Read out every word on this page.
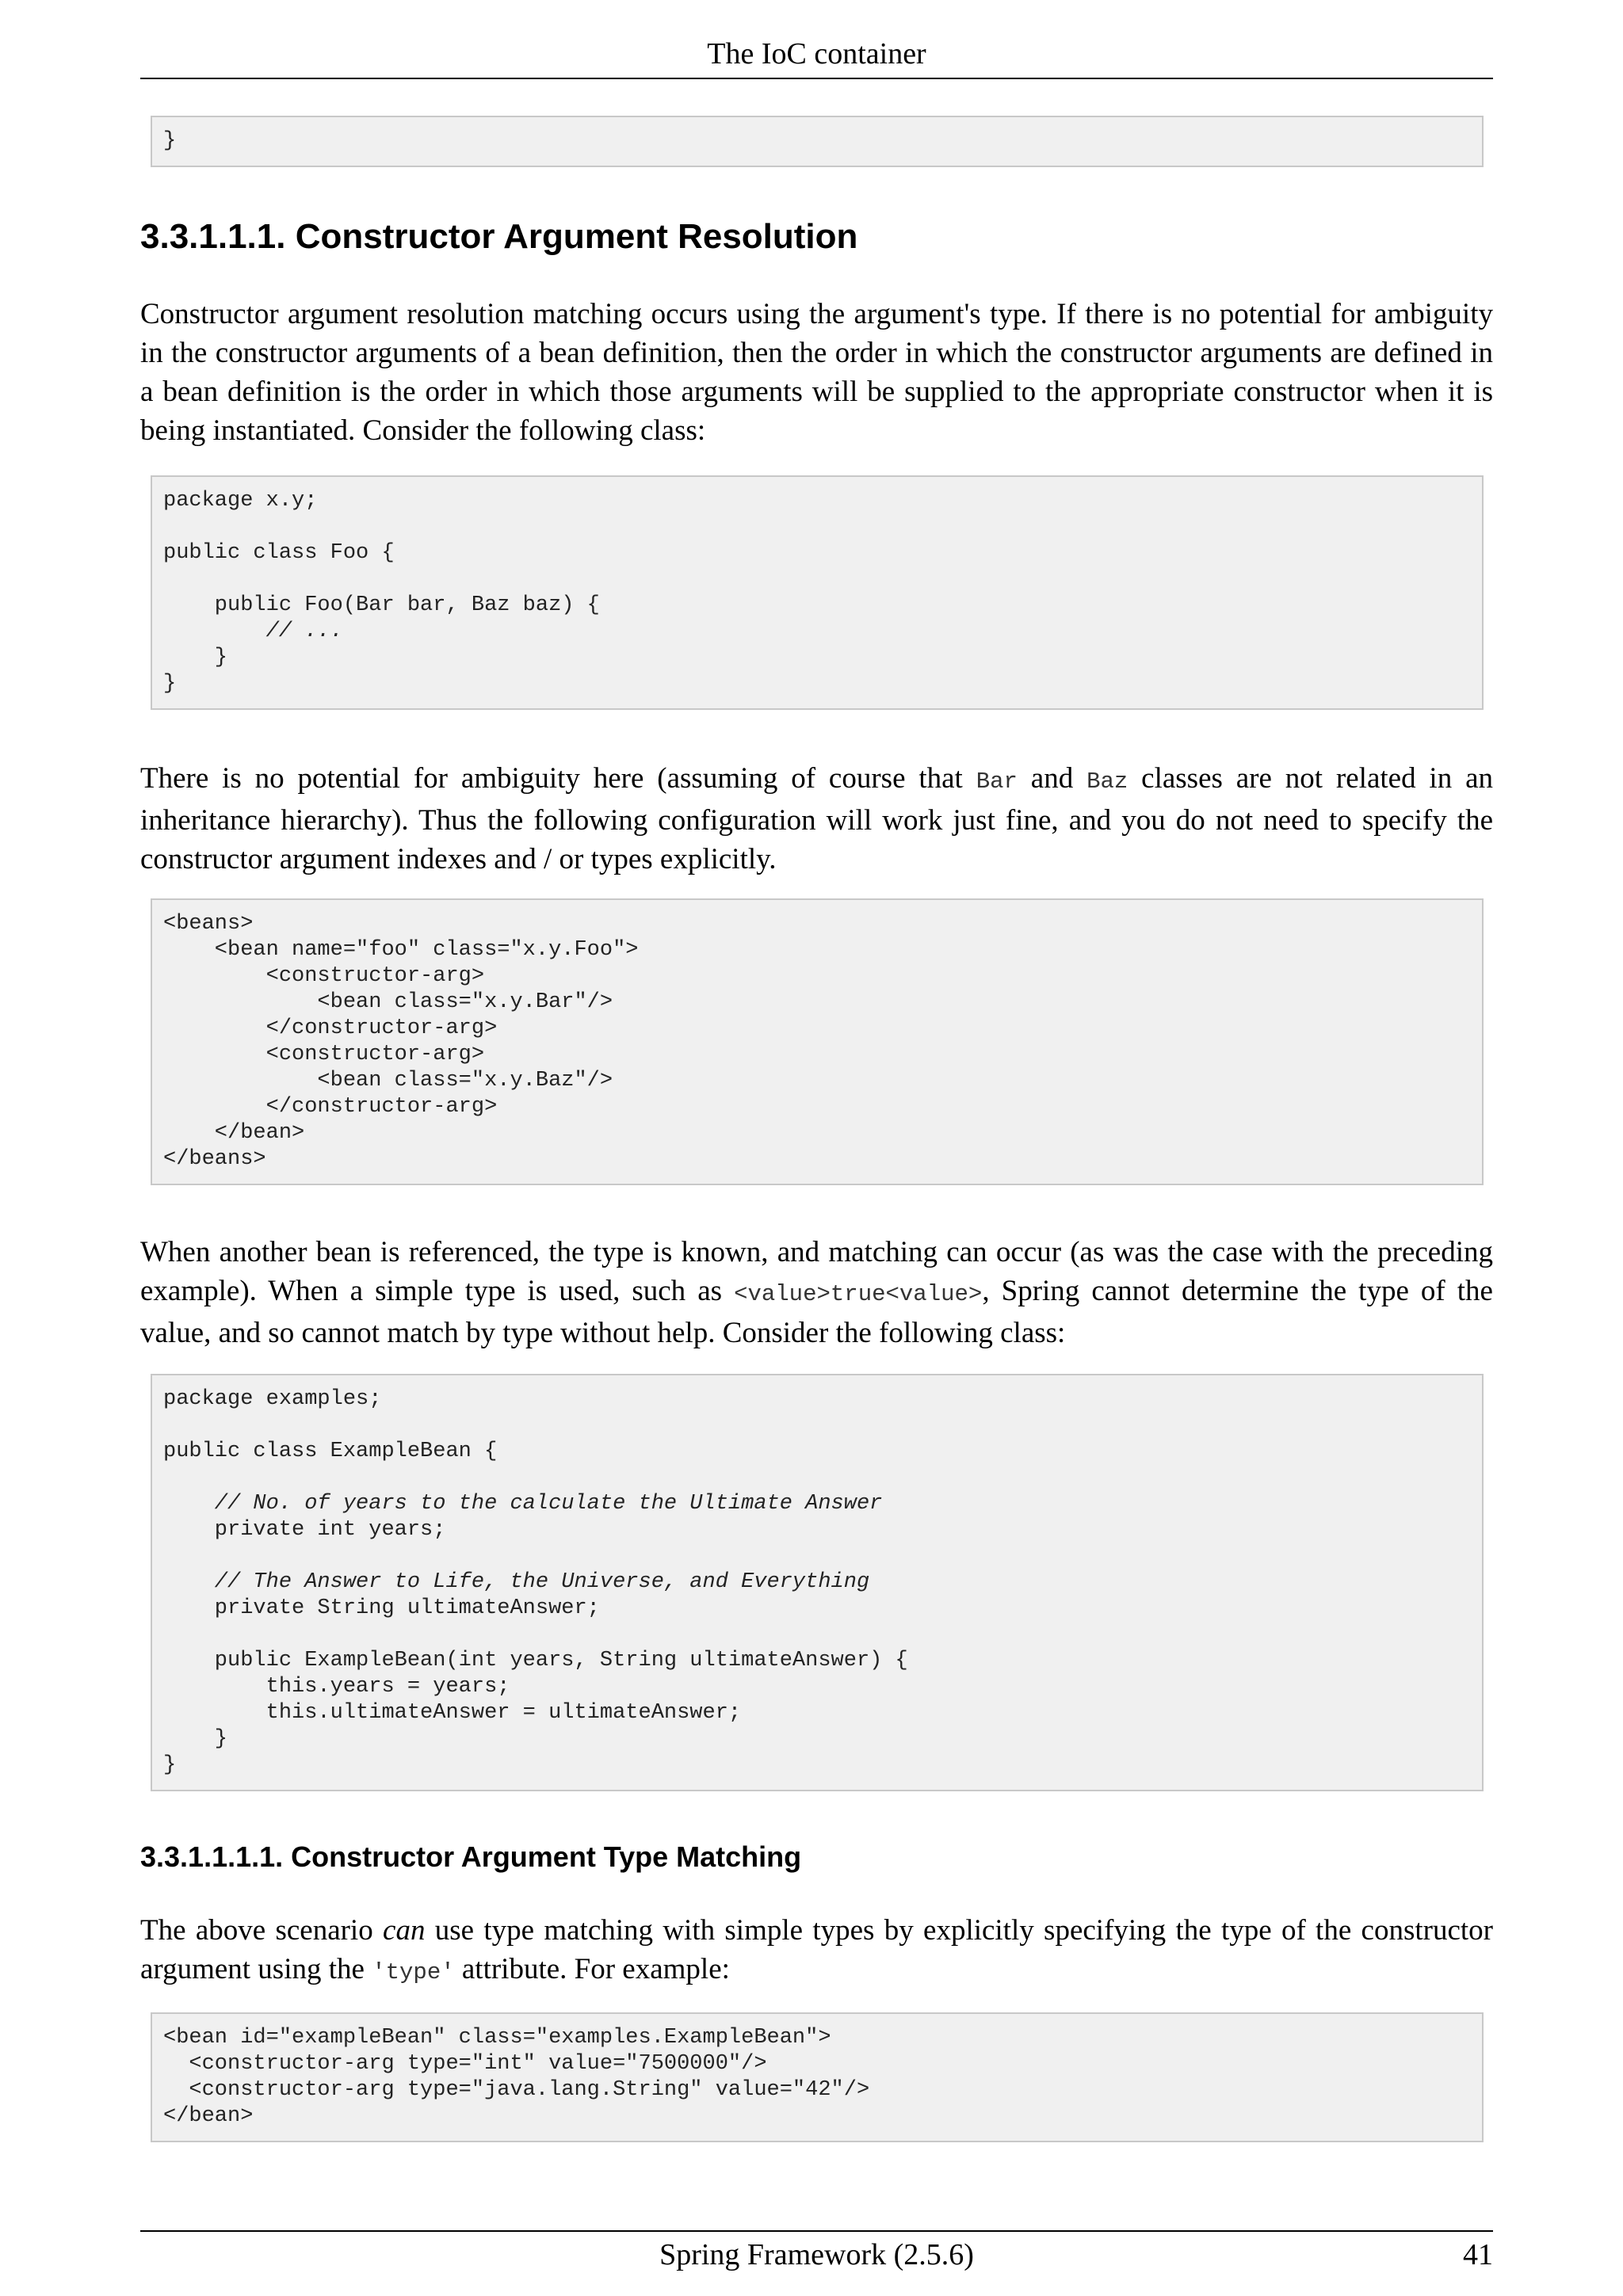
The IoC container
}
3.3.1.1.1. Constructor Argument Resolution

Constructor argument resolution matching occurs using the argument's type. If there is no potential for ambiguity in the constructor arguments of a bean definition, then the order in which the constructor arguments are defined in a bean definition is the order in which those arguments will be supplied to the appropriate constructor when it is being instantiated. Consider the following class:

package x.y;

public class Foo {

public Foo(Bar bar, Baz baz) {
// ...
}
}

There is no potential for ambiguity here (assuming of course that Bar and Baz classes are not related in an inheritance hierarchy). Thus the following configuration will work just fine, and you do not need to specify the constructor argument indexes and / or types explicitly.

<beans>
<bean name="foo" class="x.y.Foo">
<constructor-arg>
<bean class="x.y.Bar"/>
</constructor-arg>
<constructor-arg>
<bean class="x.y.Baz"/>
</constructor-arg>
</bean>
</beans>

When another bean is referenced, the type is known, and matching can occur (as was the case with the preceding example). When a simple type is used, such as <value>true<value>, Spring cannot determine the type of the value, and so cannot match by type without help. Consider the following class:

package examples;

public class ExampleBean {

// No. of years to the calculate the Ultimate Answer
private int years;

// The Answer to Life, the Universe, and Everything
private String ultimateAnswer;

public ExampleBean(int years, String ultimateAnswer) {
this.years = years;
this.ultimateAnswer = ultimateAnswer;
}
}
3.3.1.1.1.1. Constructor Argument Type Matching

The above scenario can use type matching with simple types by explicitly specifying the type of the constructor argument using the 'type' attribute. For example:

<bean id="exampleBean" class="examples.ExampleBean">
<constructor-arg type="int" value="7500000"/>
<constructor-arg type="java.lang.String" value="42"/>
</bean>
Spring Framework (2.5.6)	41
